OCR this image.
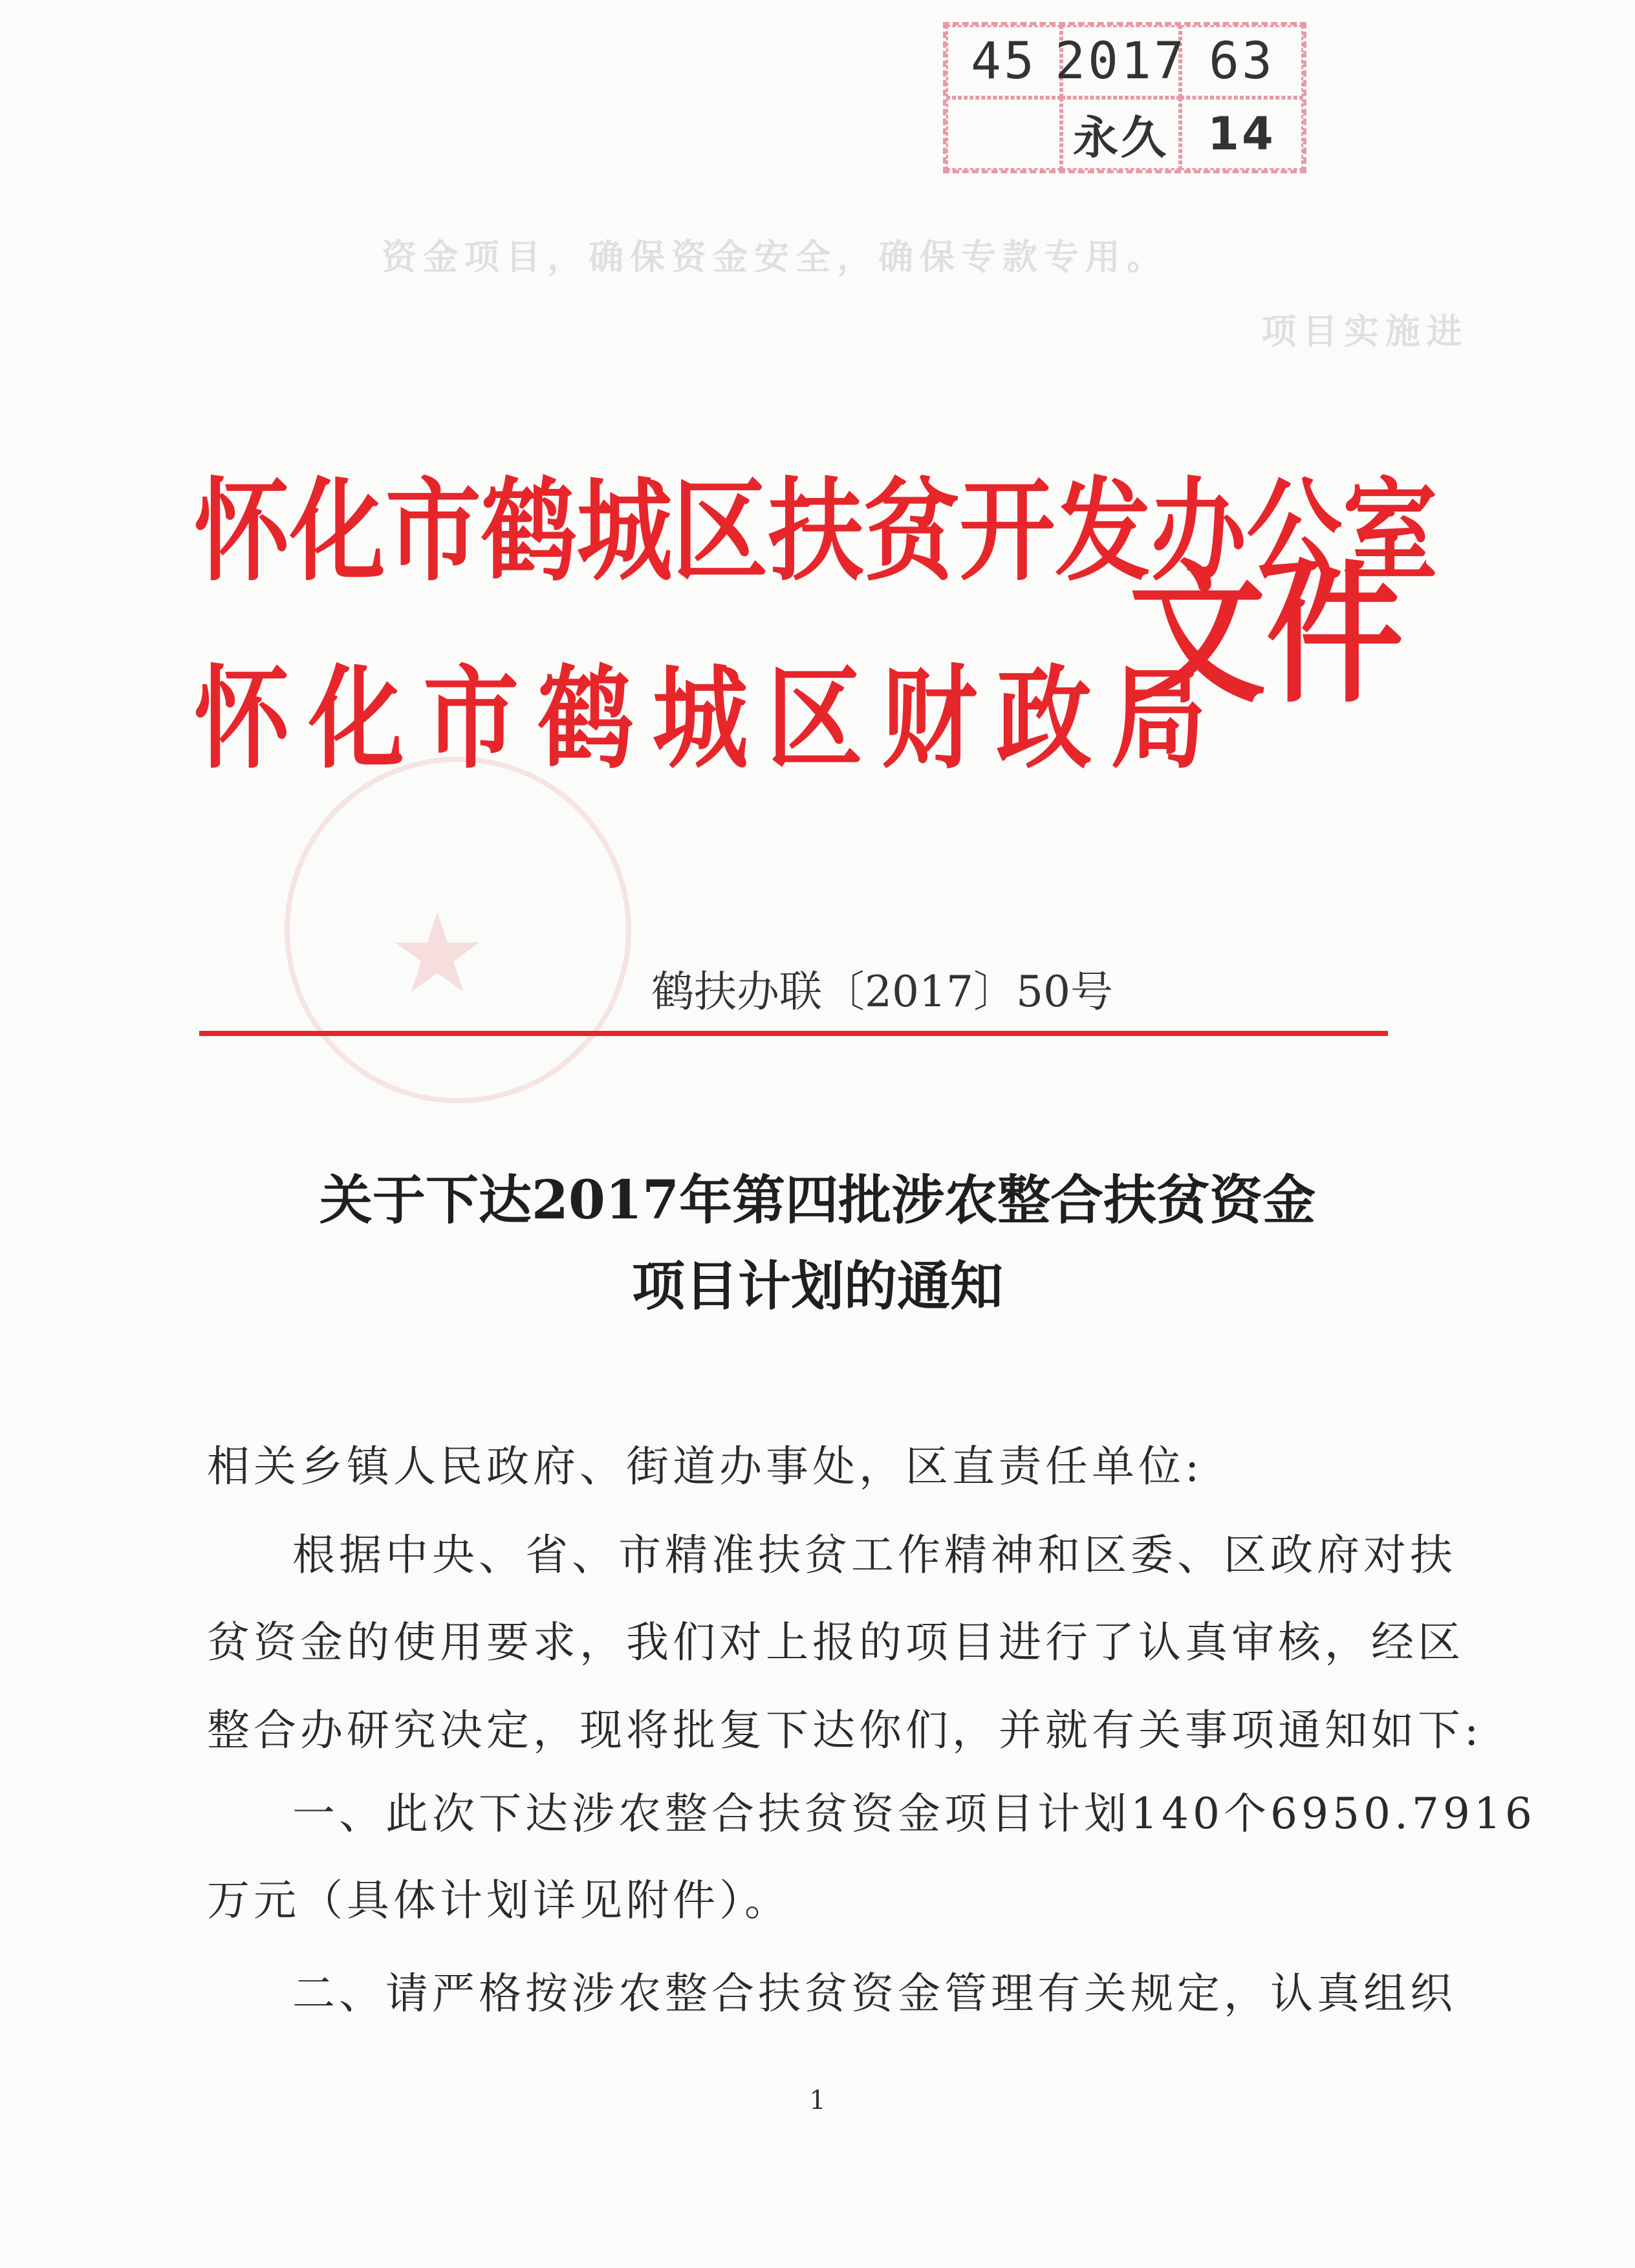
45 2017 63
永久 14
资金项目，确保资金安全，确保专款专用。
项目实施进
★
怀化市鹤城区扶贫开发办公室
怀化市鹤城区财政局
文件
鹤扶办联〔2017〕50号
关于下达2017年第四批涉农整合扶贫资金
项目计划的通知
相关乡镇人民政府、街道办事处，区直责任单位:
根据中央、省、市精准扶贫工作精神和区委、区政府对扶
贫资金的使用要求，我们对上报的项目进行了认真审核，经区
整合办研究决定，现将批复下达你们，并就有关事项通知如下:
一、此次下达涉农整合扶贫资金项目计划140个6950.7916
万元（具体计划详见附件）。
二、请严格按涉农整合扶贫资金管理有关规定，认真组织
1
